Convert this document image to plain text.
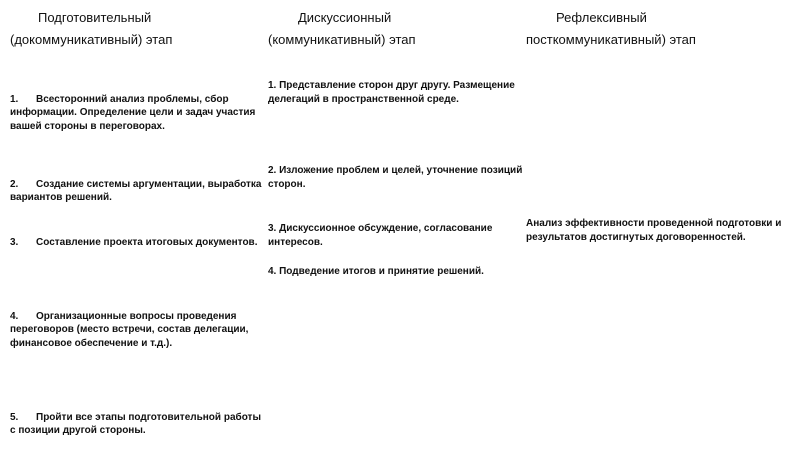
Подготовительный
(докоммуникативный) этап
Дискуссионный
(коммуникативный) этап
Рефлексивный
посткоммуникативный) этап

1. Всесторонний анализ проблемы, сбор информации. Определение цели и задач участия вашей стороны в переговорах.

2. Создание системы аргументации, выработка вариантов решений.

3. Составление проекта итоговых документов.

4. Организационные вопросы проведения переговоров (место встречи, состав делегации, финансовое обеспечение и т.д.).

5. Пройти все этапы подготовительной работы с позиции другой стороны.

1. Представление сторон друг другу. Размещение делегаций в пространственной среде.
2. Изложение проблем и целей, уточнение позиций сторон.
3. Дискуссионное обсуждение, согласование интересов.
4. Подведение итогов и принятие решений.
Анализ эффективности проведенной подготовки и результатов достигнутых договоренностей.
